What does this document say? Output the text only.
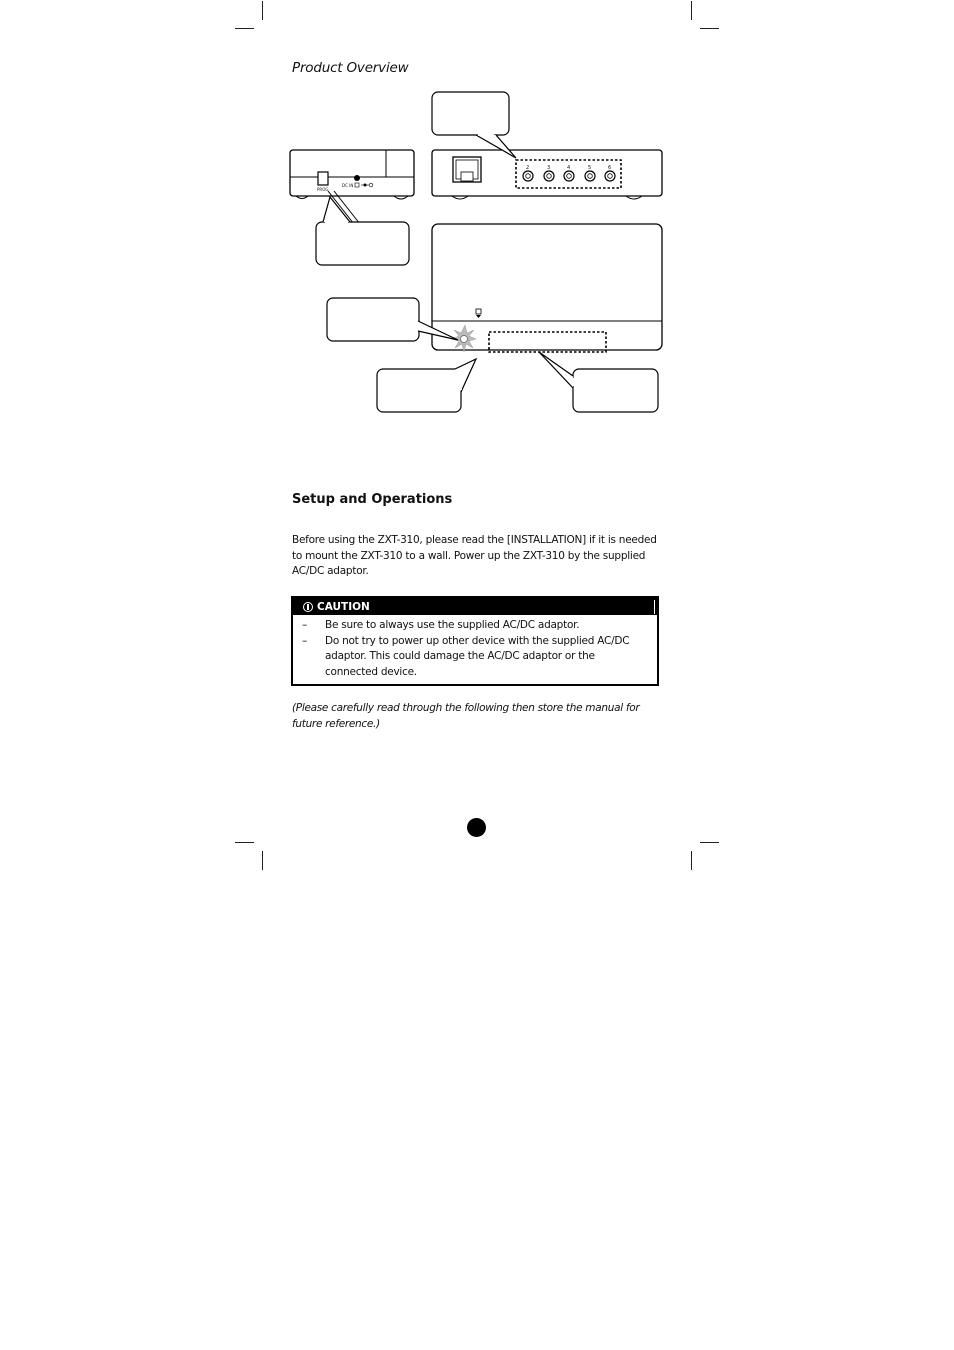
Product Overview
PROG
DC IN
2	3	4	5	6
Setup and Operations

Before using the ZXT-310, please read the [INSTALLATION] if it is needed to mount the ZXT-310 to a wall. Power up the ZXT-310 by the supplied AC/DC adaptor.

CAUTION
– Be sure to always use the supplied AC/DC adaptor.
– Do not try to power up other device with the supplied AC/DC adaptor. This could damage the AC/DC adaptor or the connected device.

(Please carefully read through the following then store the manual for future reference.)
